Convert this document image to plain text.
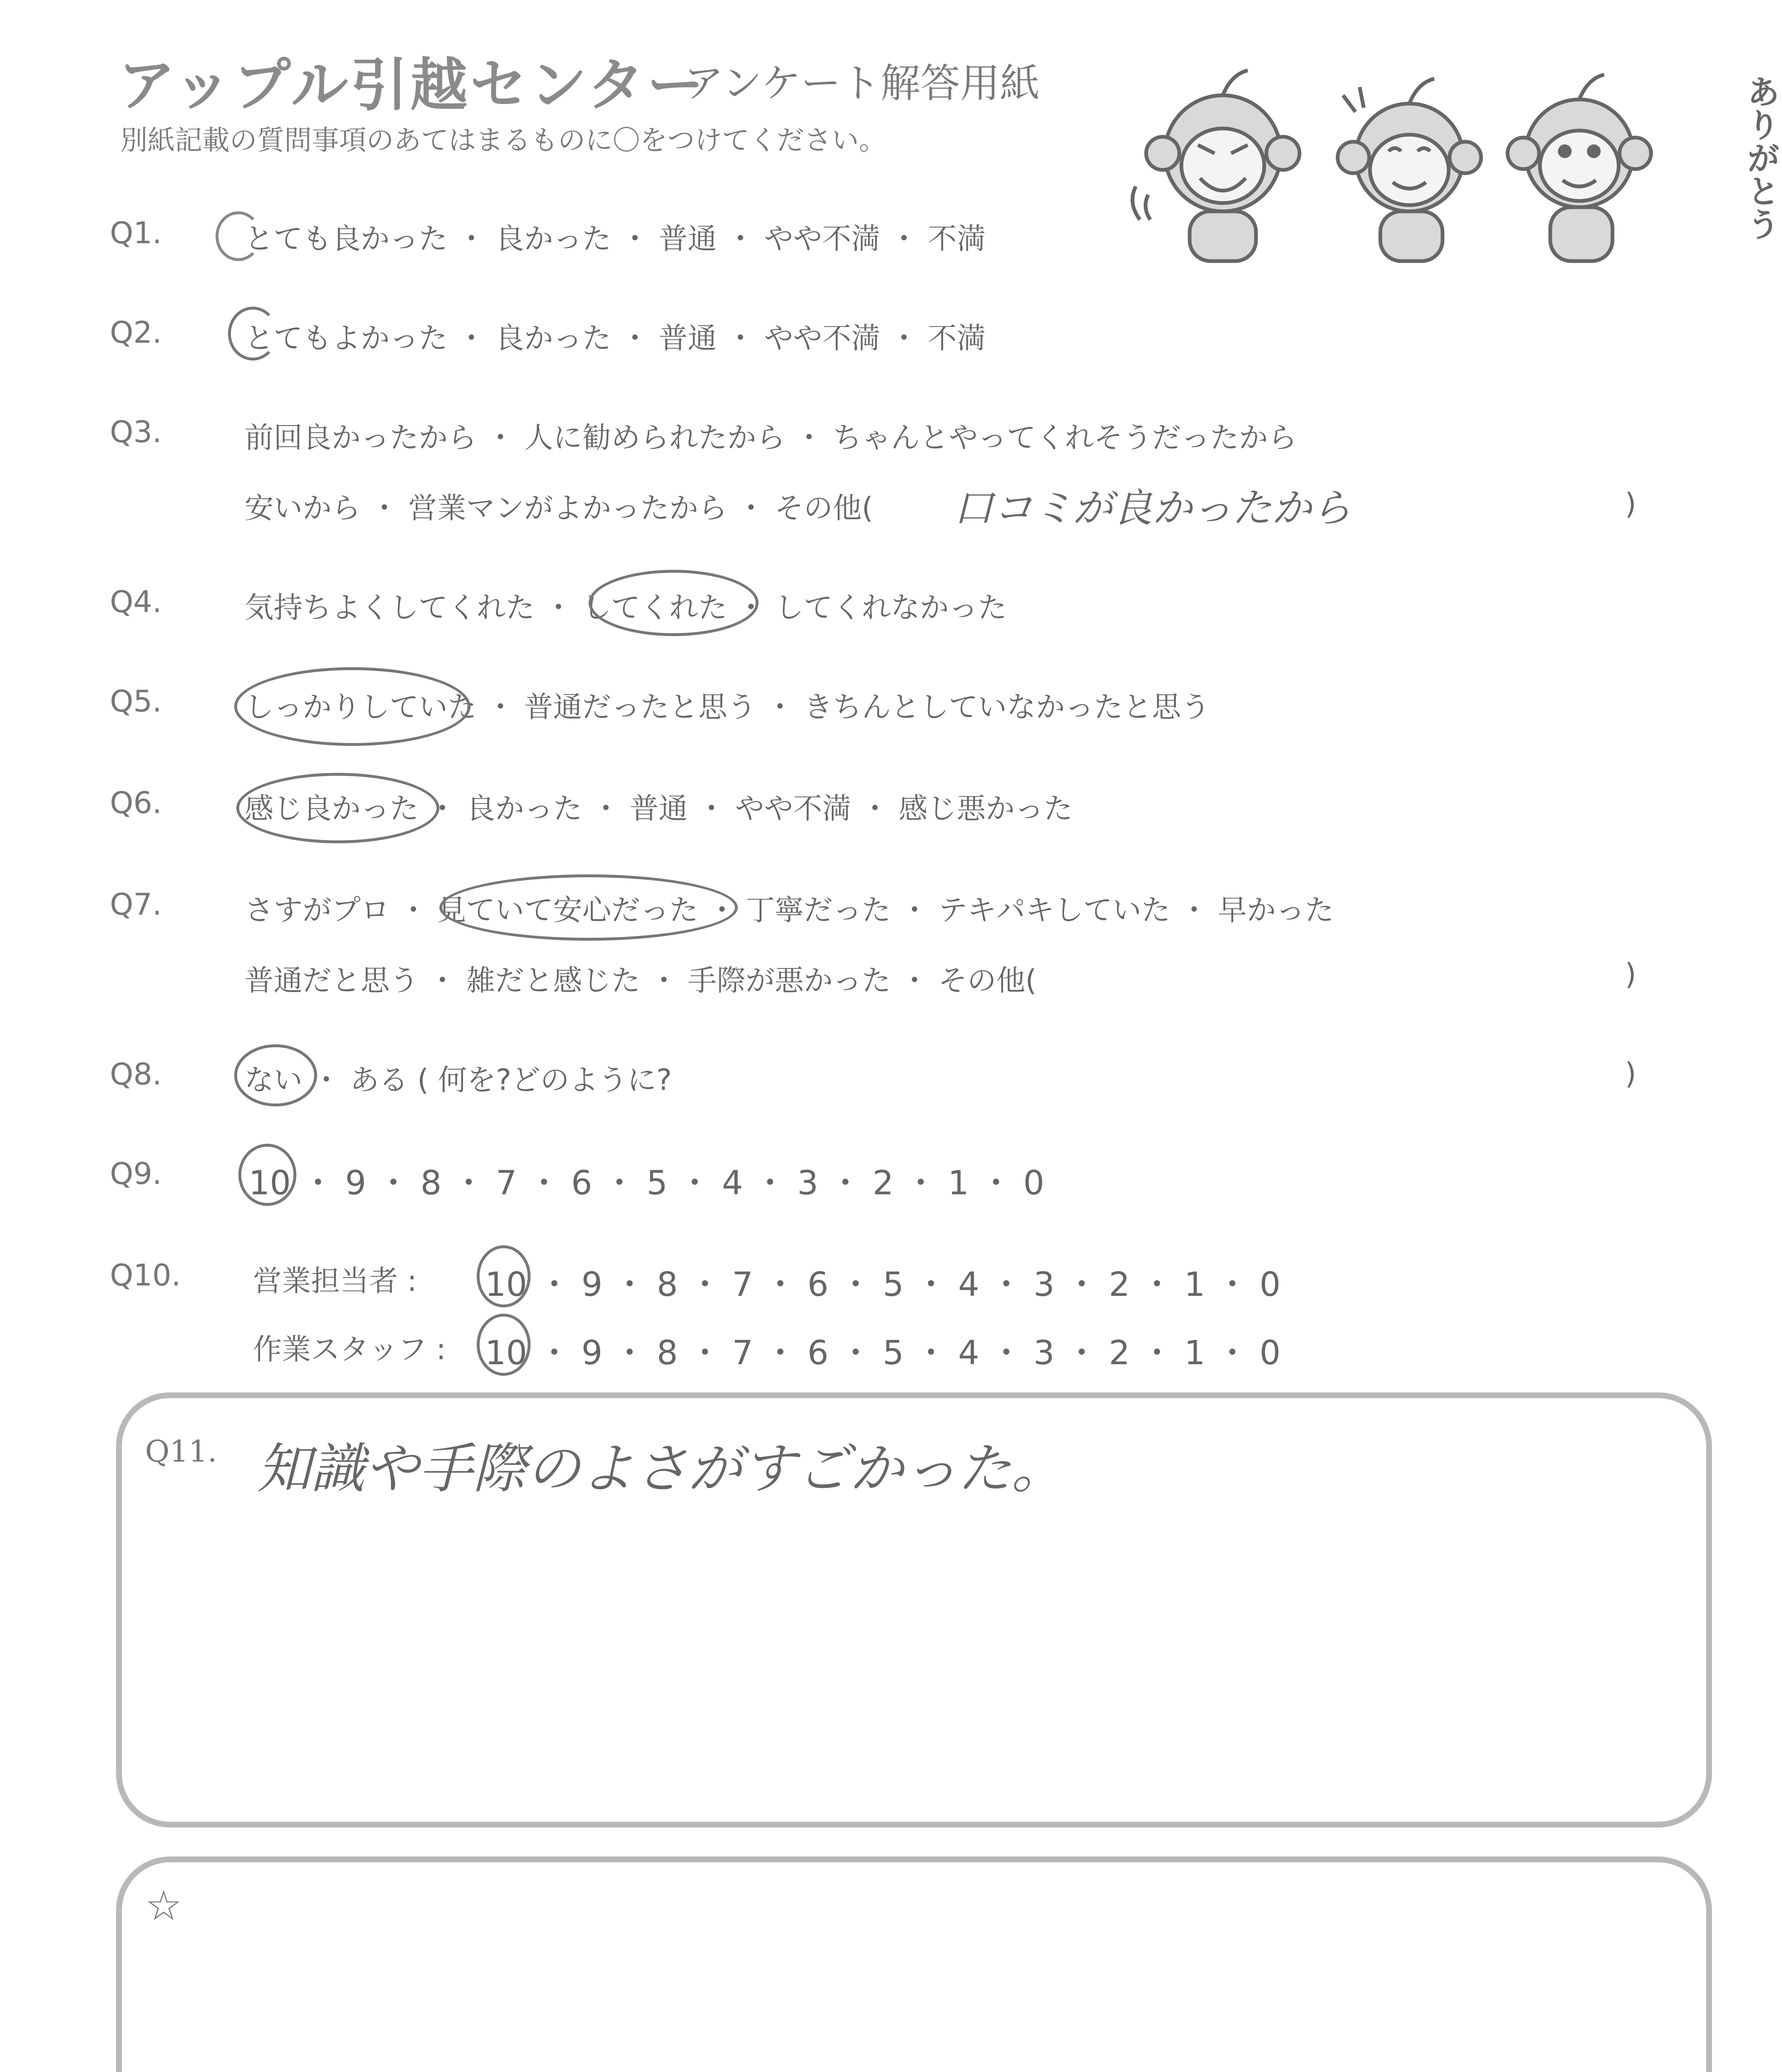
アップル引越センター
アンケート解答用紙
別紙記載の質問事項のあてはまるものに〇をつけてください。	ありがとう
Q1.	とても良かった ・ 良かった ・ 普通 ・ やや不満 ・ 不満
Q2.	とてもよかった ・ 良かった ・ 普通 ・ やや不満 ・ 不満
Q3.	前回良かったから ・ 人に勧められたから ・ ちゃんとやってくれそうだったから
安いから ・ 営業マンがよかったから ・ その他( 口コミが良かったから	)
Q4.	気持ちよくしてくれた ・ してくれた ・ してくれなかった
Q5.	しっかりしていた ・ 普通だったと思う ・ きちんとしていなかったと思う
Q6.	感じ良かった ・ 良かった ・ 普通 ・ やや不満 ・ 感じ悪かった
Q7.	さすがプロ ・ 見ていて安心だった ・ 丁寧だった ・ テキパキしていた ・ 早かった
普通だと思う ・ 雑だと感じた ・ 手際が悪かった ・ その他(	)
Q8.	ない ・ ある ( 何を?どのように?	)
Q9.	10 ・ 9 ・ 8 ・ 7 ・ 6 ・ 5 ・ 4 ・ 3 ・ 2 ・ 1 ・ 0
Q10. 営業担当者 : 10 ・ 9 ・ 8 ・ 7 ・ 6 ・ 5 ・ 4 ・ 3 ・ 2 ・ 1 ・ 0
作業スタッフ : 10 ・ 9 ・ 8 ・ 7 ・ 6 ・ 5 ・ 4 ・ 3 ・ 2 ・ 1 ・ 0
Q11. 知識や手際のよさがすごかった。
☆
